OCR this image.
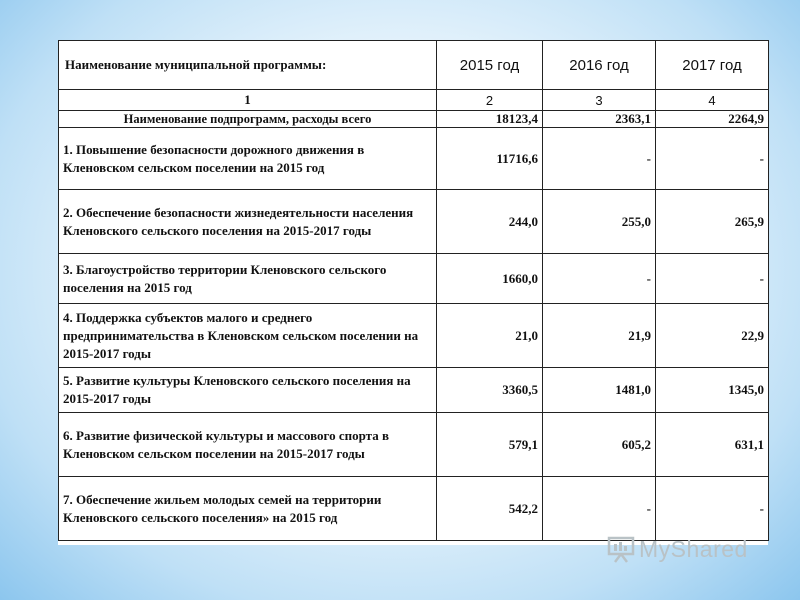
Наименование муниципальной программы:	2015 год	2016 год	2017 год
1	2	3	4
Наименование подпрограмм, расходы всего	18123,4	2363,1	2264,9
1. Повышение безопасности дорожного движения в Кленовском сельском поселении на 2015 год	11716,6	-	-
2. Обеспечение безопасности жизнедеятельности населения Кленовского сельского поселения на 2015-2017 годы	244,0	255,0	265,9
3. Благоустройство территории Кленовского сельского поселения на 2015 год	1660,0	-	-
4. Поддержка субъектов малого и среднего предпринимательства в Кленовском сельском поселении на 2015-2017 годы	21,0	21,9	22,9
5. Развитие культуры Кленовского сельского поселения на 2015-2017 годы	3360,5	1481,0	1345,0
6. Развитие физической культуры и массового спорта в Кленовском сельском поселении на 2015-2017 годы	579,1	605,2	631,1
7. Обеспечение жильем молодых семей на территории Кленовского сельского поселения» на 2015 год	542,2	-	-
MyShared
